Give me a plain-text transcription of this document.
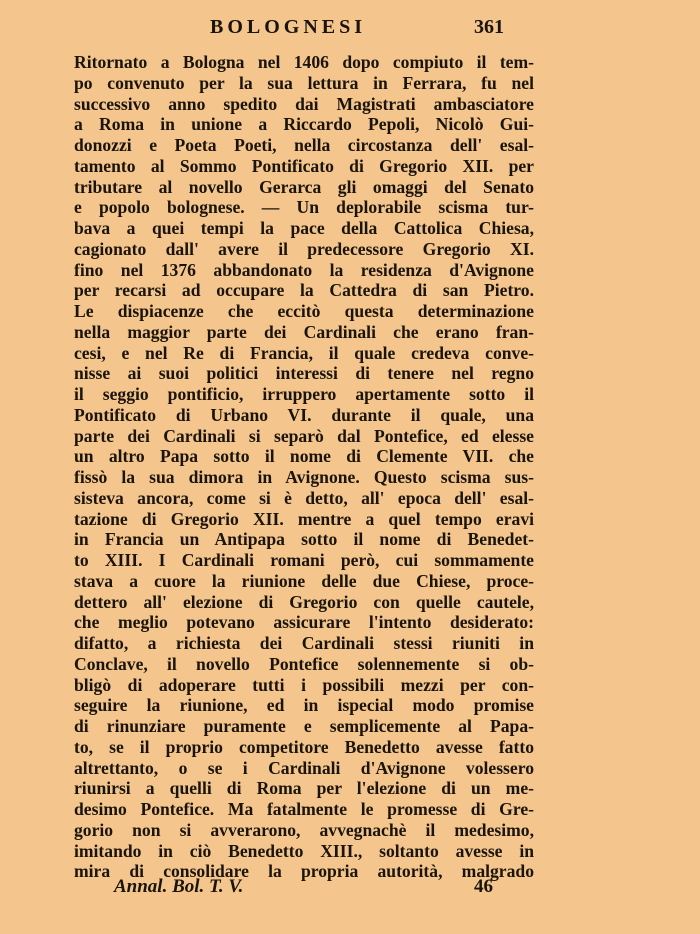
BOLOGNESI	361
Ritornato a Bologna nel 1406 dopo compiuto il tem-
po convenuto per la sua lettura in Ferrara, fu nel
successivo anno spedito dai Magistrati ambasciatore
a Roma in unione a Riccardo Pepoli, Nicolò Gui-
donozzi e Poeta Poeti, nella circostanza dell' esal-
tamento al Sommo Pontificato di Gregorio XII. per
tributare al novello Gerarca gli omaggi del Senato
e popolo bolognese. — Un deplorabile scisma tur-
bava a quei tempi la pace della Cattolica Chiesa,
cagionato dall' avere il predecessore Gregorio XI.
fino nel 1376 abbandonato la residenza d'Avignone
per recarsi ad occupare la Cattedra di san Pietro.
Le dispiacenze che eccitò questa determinazione
nella maggior parte dei Cardinali che erano fran-
cesi, e nel Re di Francia, il quale credeva conve-
nisse ai suoi politici interessi di tenere nel regno
il seggio pontificio, irruppero apertamente sotto il
Pontificato di Urbano VI. durante il quale, una
parte dei Cardinali si separò dal Pontefice, ed elesse
un altro Papa sotto il nome di Clemente VII. che
fissò la sua dimora in Avignone. Questo scisma sus-
sisteva ancora, come si è detto, all' epoca dell' esal-
tazione di Gregorio XII. mentre a quel tempo eravi
in Francia un Antipapa sotto il nome di Benedet-
to XIII. I Cardinali romani però, cui sommamente
stava a cuore la riunione delle due Chiese, proce-
dettero all' elezione di Gregorio con quelle cautele,
che meglio potevano assicurare l'intento desiderato:
difatto, a richiesta dei Cardinali stessi riuniti in
Conclave, il novello Pontefice solennemente si ob-
bligò di adoperare tutti i possibili mezzi per con-
seguire la riunione, ed in ispecial modo promise
di rinunziare puramente e semplicemente al Papa-
to, se il proprio competitore Benedetto avesse fatto
altrettanto, o se i Cardinali d'Avignone volessero
riunirsi a quelli di Roma per l'elezione di un me-
desimo Pontefice. Ma fatalmente le promesse di Gre-
gorio non si avverarono, avvegnachè il medesimo,
imitando in ciò Benedetto XIII., soltanto avesse in
mira di consolidare la propria autorità, malgrado
Annal. Bol. T. V.	46
